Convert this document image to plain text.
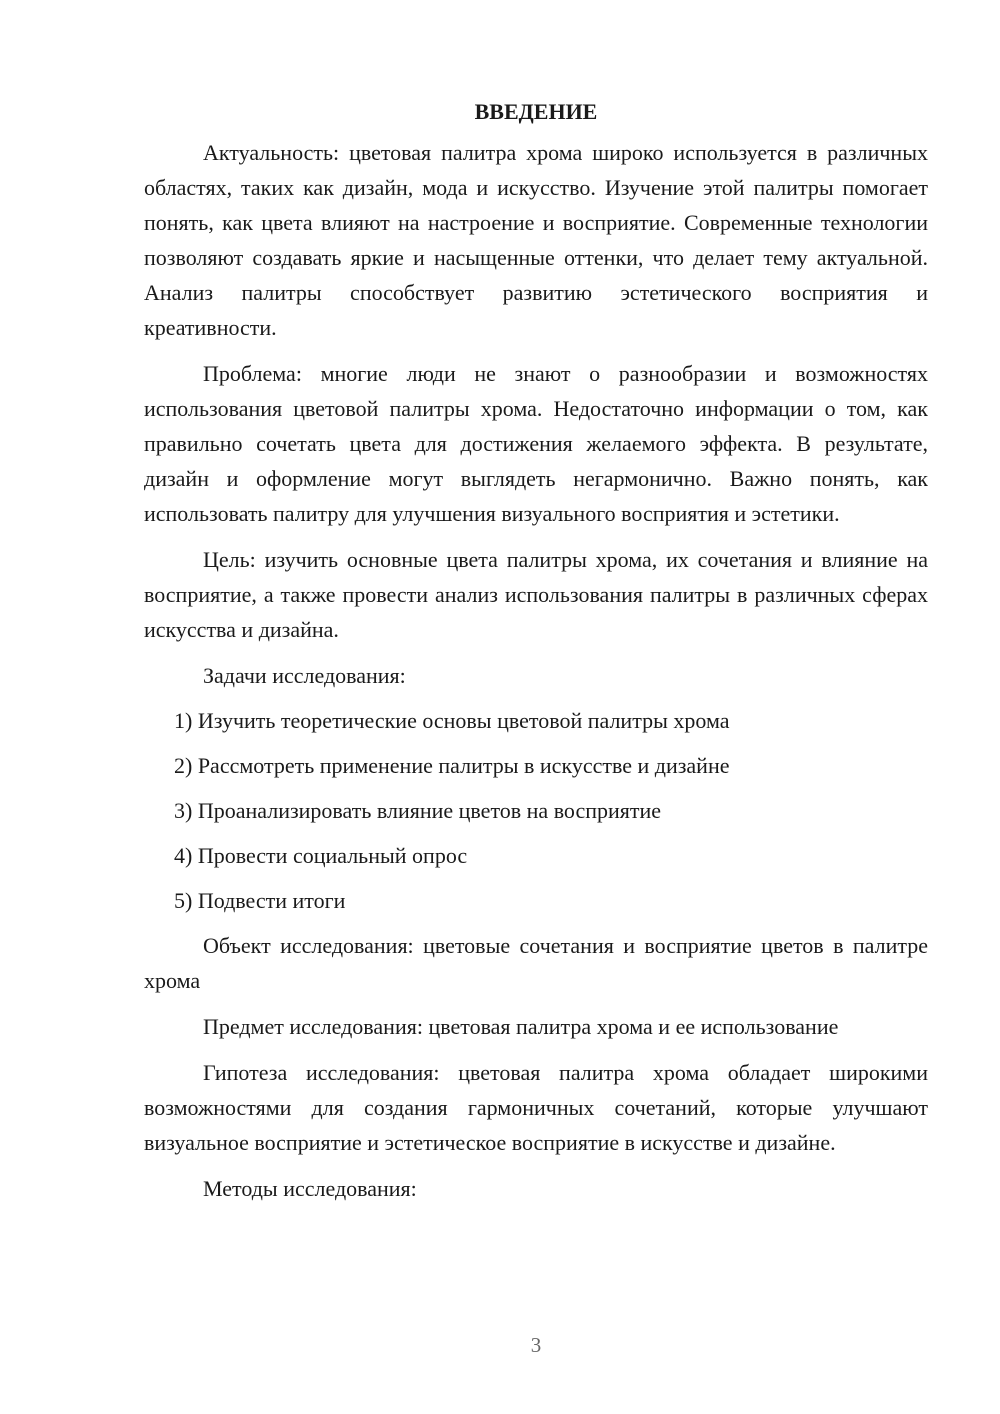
ВВЕДЕНИЕ

Актуальность: цветовая палитра хрома широко используется в различных областях, таких как дизайн, мода и искусство. Изучение этой палитры помогает понять, как цвета влияют на настроение и восприятие. Современные технологии позволяют создавать яркие и насыщенные оттенки, что делает тему актуальной. Анализ палитры способствует развитию эстетического восприятия и креативности.

Проблема: многие люди не знают о разнообразии и возможностях использования цветовой палитры хрома. Недостаточно информации о том, как правильно сочетать цвета для достижения желаемого эффекта. В результате, дизайн и оформление могут выглядеть негармонично. Важно понять, как использовать палитру для улучшения визуального восприятия и эстетики.

Цель: изучить основные цвета палитры хрома, их сочетания и влияние на восприятие, а также провести анализ использования палитры в различных сферах искусства и дизайна.

Задачи исследования:

1) Изучить теоретические основы цветовой палитры хрома
2) Рассмотреть применение палитры в искусстве и дизайне
3) Проанализировать влияние цветов на восприятие
4) Провести социальный опрос
5) Подвести итоги

Объект исследования: цветовые сочетания и восприятие цветов в палитре хрома

Предмет исследования: цветовая палитра хрома и ее использование

Гипотеза исследования: цветовая палитра хрома обладает широкими возможностями для создания гармоничных сочетаний, которые улучшают визуальное восприятие и эстетическое восприятие в искусстве и дизайне.

Методы исследования:

3
